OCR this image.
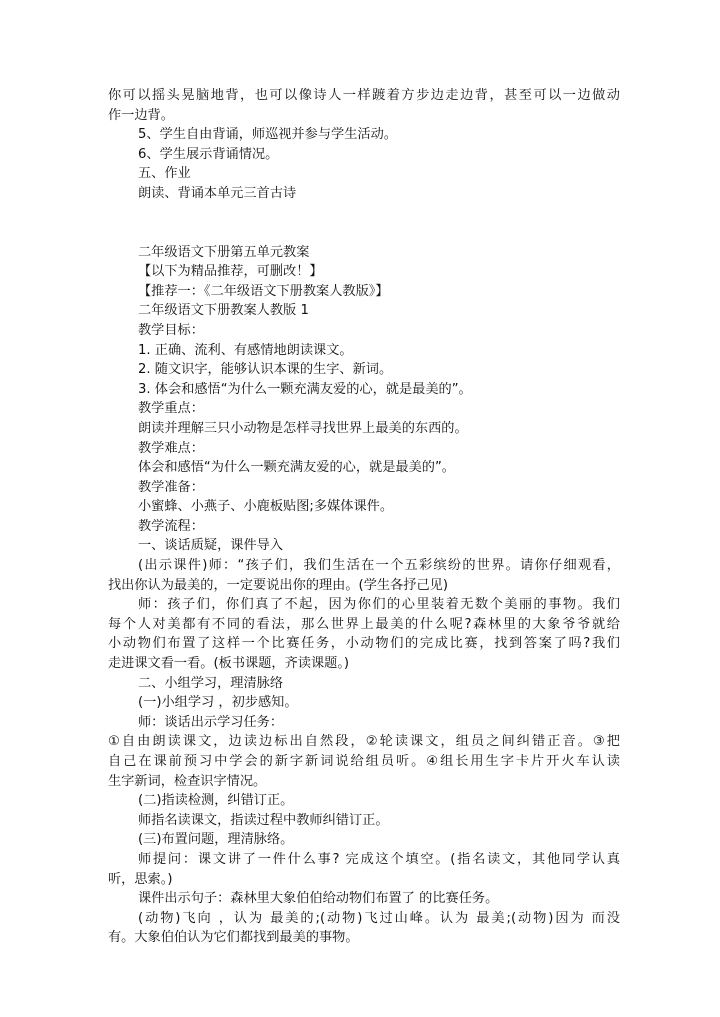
你可以摇头晃脑地背，也可以像诗人一样踱着方步边走边背，甚至可以一边做动
作一边背。
5、学生自由背诵，师巡视并参与学生活动。
6、学生展示背诵情况。
五、作业
朗读、背诵本单元三首古诗
二年级语文下册第五单元教案
【以下为精品推荐，可删改！】
【推荐一：《二年级语文下册教案人教版》】
二年级语文下册教案人教版 1
教学目标：
1. 正确、流利、有感情地朗读课文。
2. 随文识字，能够认识本课的生字、新词。
3. 体会和感悟“为什么一颗充满友爱的心，就是最美的”。
教学重点：
朗读并理解三只小动物是怎样寻找世界上最美的东西的。
教学难点：
体会和感悟“为什么一颗充满友爱的心，就是最美的”。
教学准备：
小蜜蜂、小燕子、小鹿板贴图;多媒体课件。
教学流程：
一、谈话质疑，课件导入
(出示课件)师：“孩子们，我们生活在一个五彩缤纷的世界。请你仔细观看，
找出你认为最美的，一定要说出你的理由。(学生各抒己见)
师：孩子们，你们真了不起，因为你们的心里装着无数个美丽的事物。我们
每个人对美都有不同的看法，那么世界上最美的什么呢?森林里的大象爷爷就给
小动物们布置了这样一个比赛任务，小动物们的完成比赛，找到答案了吗?我们
走进课文看一看。(板书课题，齐读课题。)
二、小组学习，理清脉络
(一)小组学习 ，初步感知。
师：谈话出示学习任务：
①自由朗读课文，边读边标出自然段，②轮读课文，组员之间纠错正音。③把
自己在课前预习中学会的新字新词说给组员听。④组长用生字卡片开火车认读
生字新词，检查识字情况。
(二)指读检测，纠错订正。
师指名读课文，指读过程中教师纠错订正。
(三)布置问题，理清脉络。
师提问：课文讲了一件什么事? 完成这个填空。(指名读文，其他同学认真
听，思索。)
课件出示句子：森林里大象伯伯给动物们布置了 的比赛任务。
(动物)飞向 ，认为 最美的;(动物)飞过山峰。认为 最美;(动物)因为 而没
有。大象伯伯认为它们都找到最美的事物。
